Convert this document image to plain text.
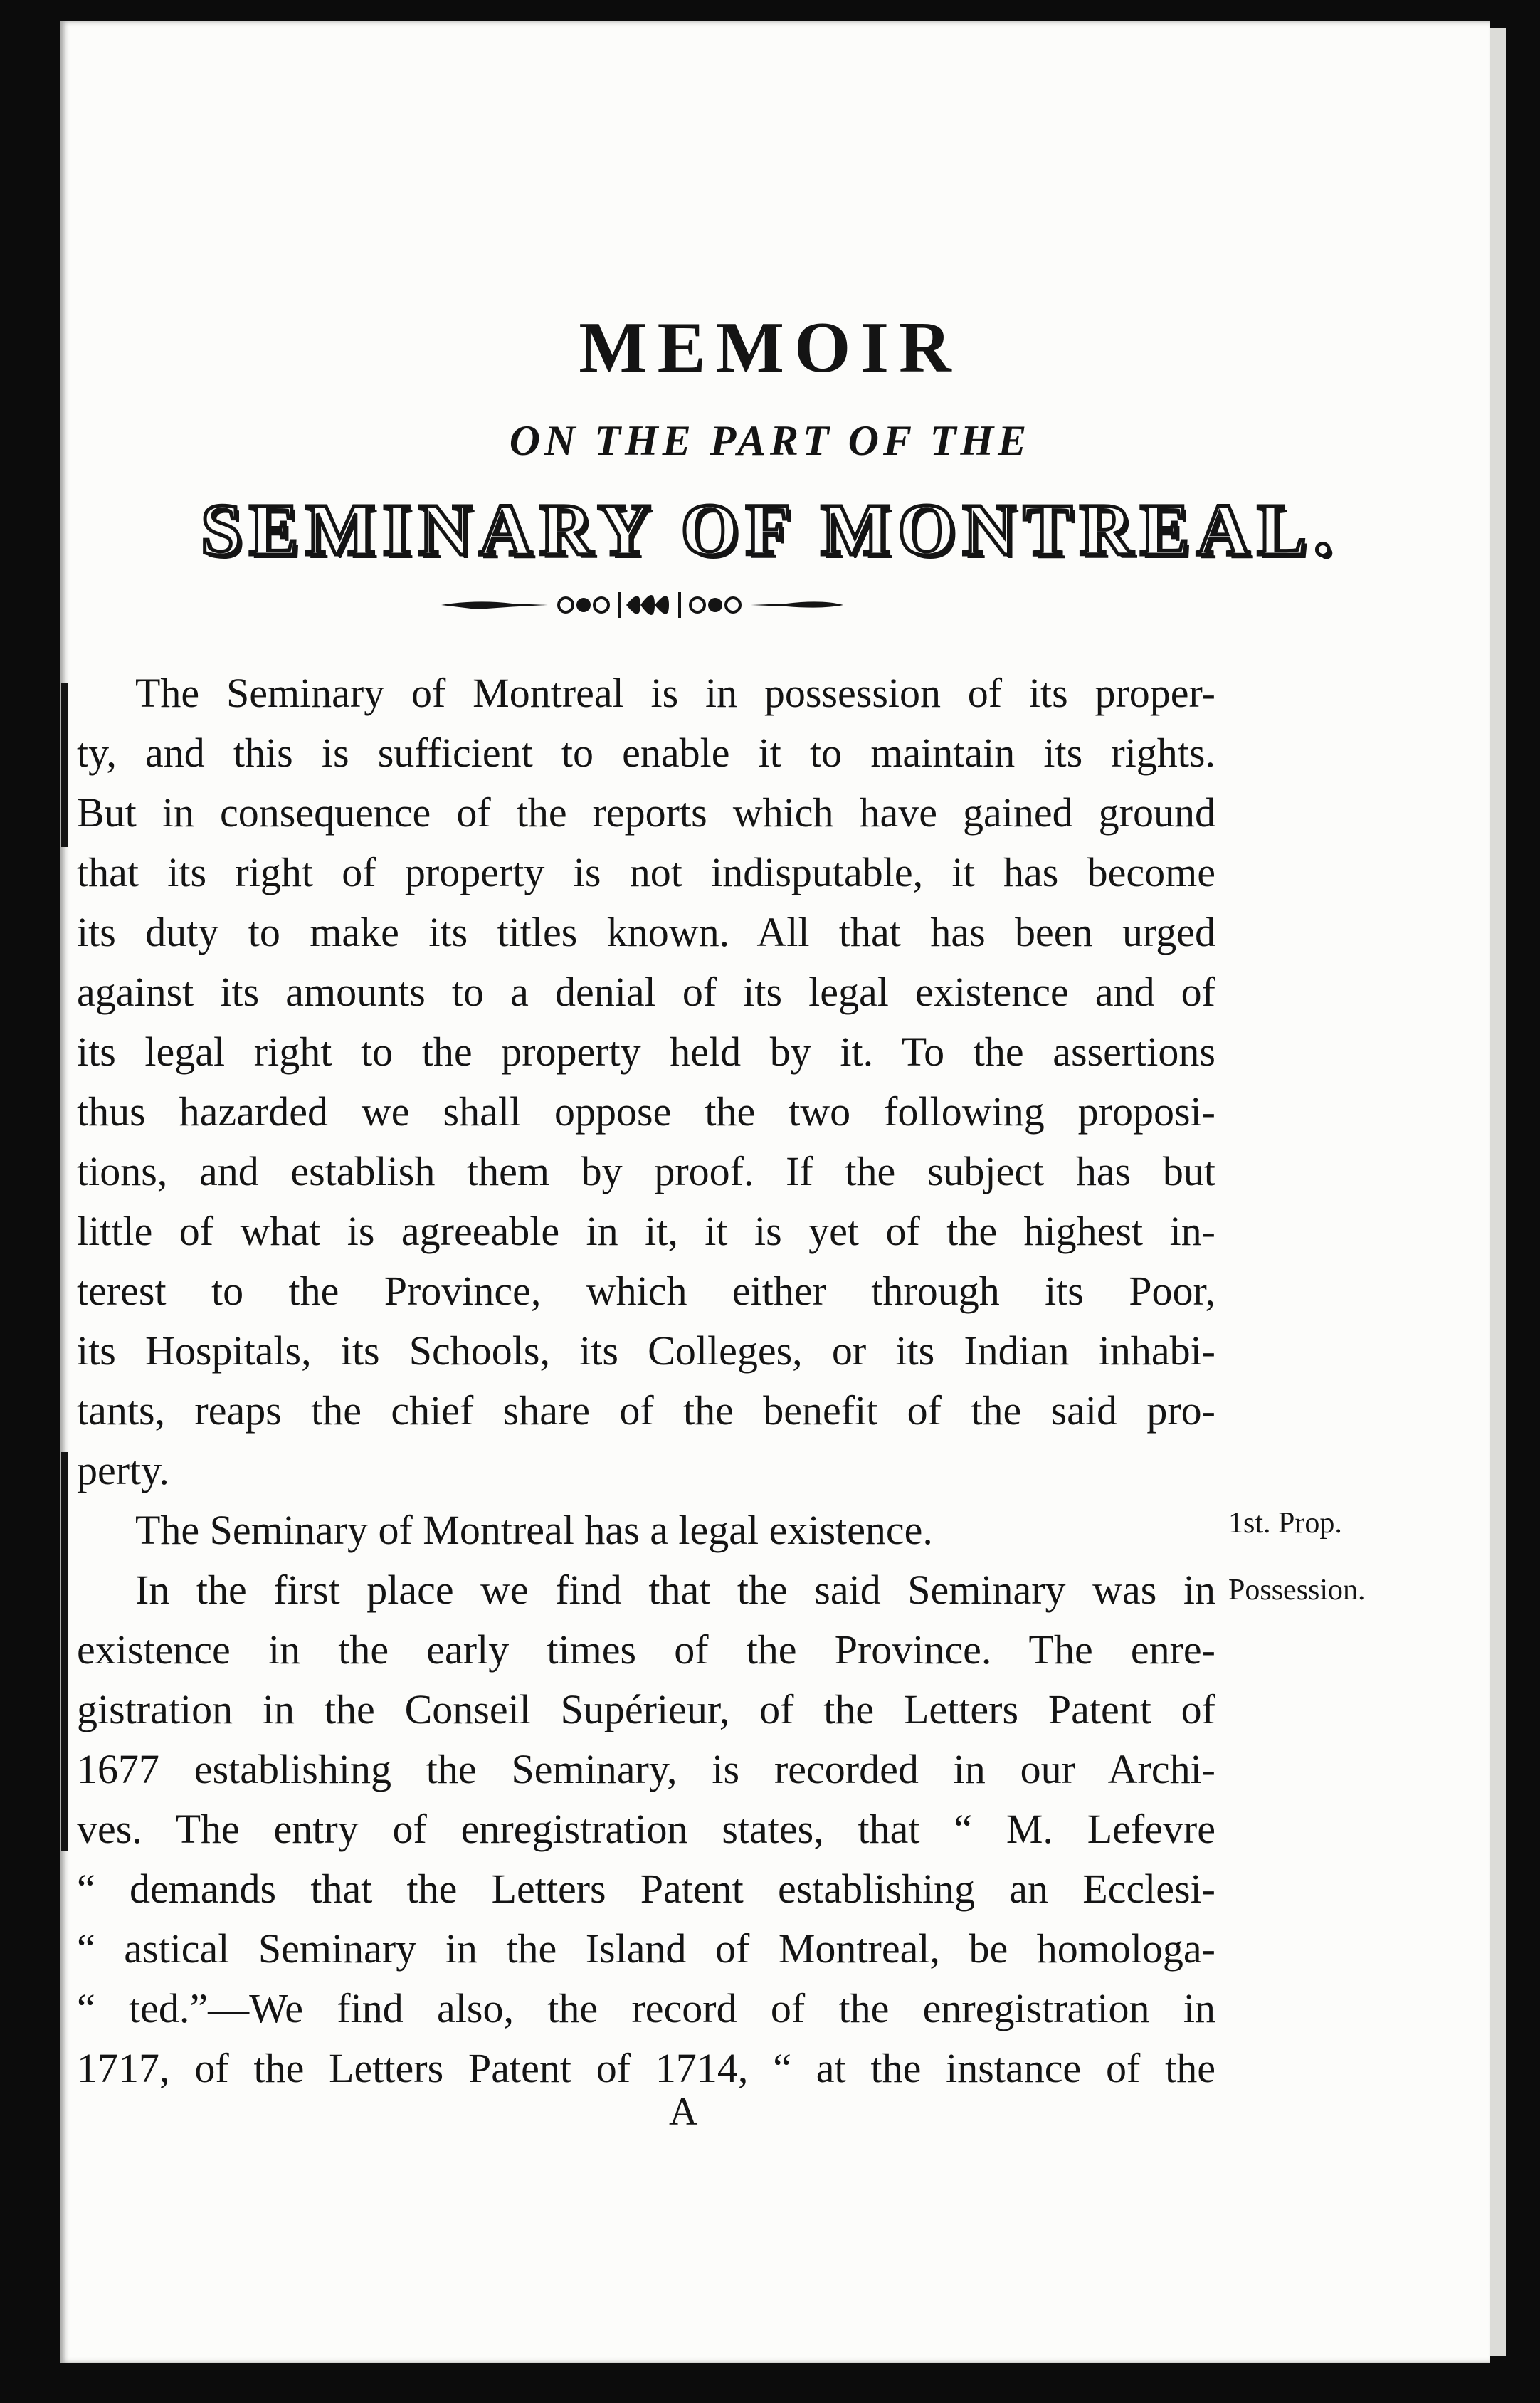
MEMOIR
ON THE PART OF THE
SEMINARY OF MONTREAL.
The Seminary of Montreal is in possession of its proper-
ty, and this is sufficient to enable it to maintain its rights.
But in consequence of the reports which have gained ground
that its right of property is not indisputable, it has become
its duty to make its titles known. All that has been urged
against its amounts to a denial of its legal existence and of
its legal right to the property held by it. To the assertions
thus hazarded we shall oppose the two following proposi-
tions, and establish them by proof. If the subject has but
little of what is agreeable in it, it is yet of the highest in-
terest to the Province, which either through its Poor,
its Hospitals, its Schools, its Colleges, or its Indian inhabi-
tants, reaps the chief share of the benefit of the said pro-
perty.
The Seminary of Montreal has a legal existence.	1st. Prop.
In the first place we find that the said Seminary was in
existence in the early times of the Province. The enre-
gistration in the Conseil Supérieur, of the Letters Patent of
1677 establishing the Seminary, is recorded in our Archi-
ves. The entry of enregistration states, that “ M. Lefevre
“ demands that the Letters Patent establishing an Ecclesi-
“ astical Seminary in the Island of Montreal, be homologa-
“ ted.”—We find also, the record of the enregistration in
1717, of the Letters Patent of 1714, “ at the instance of the
Possession.
A
